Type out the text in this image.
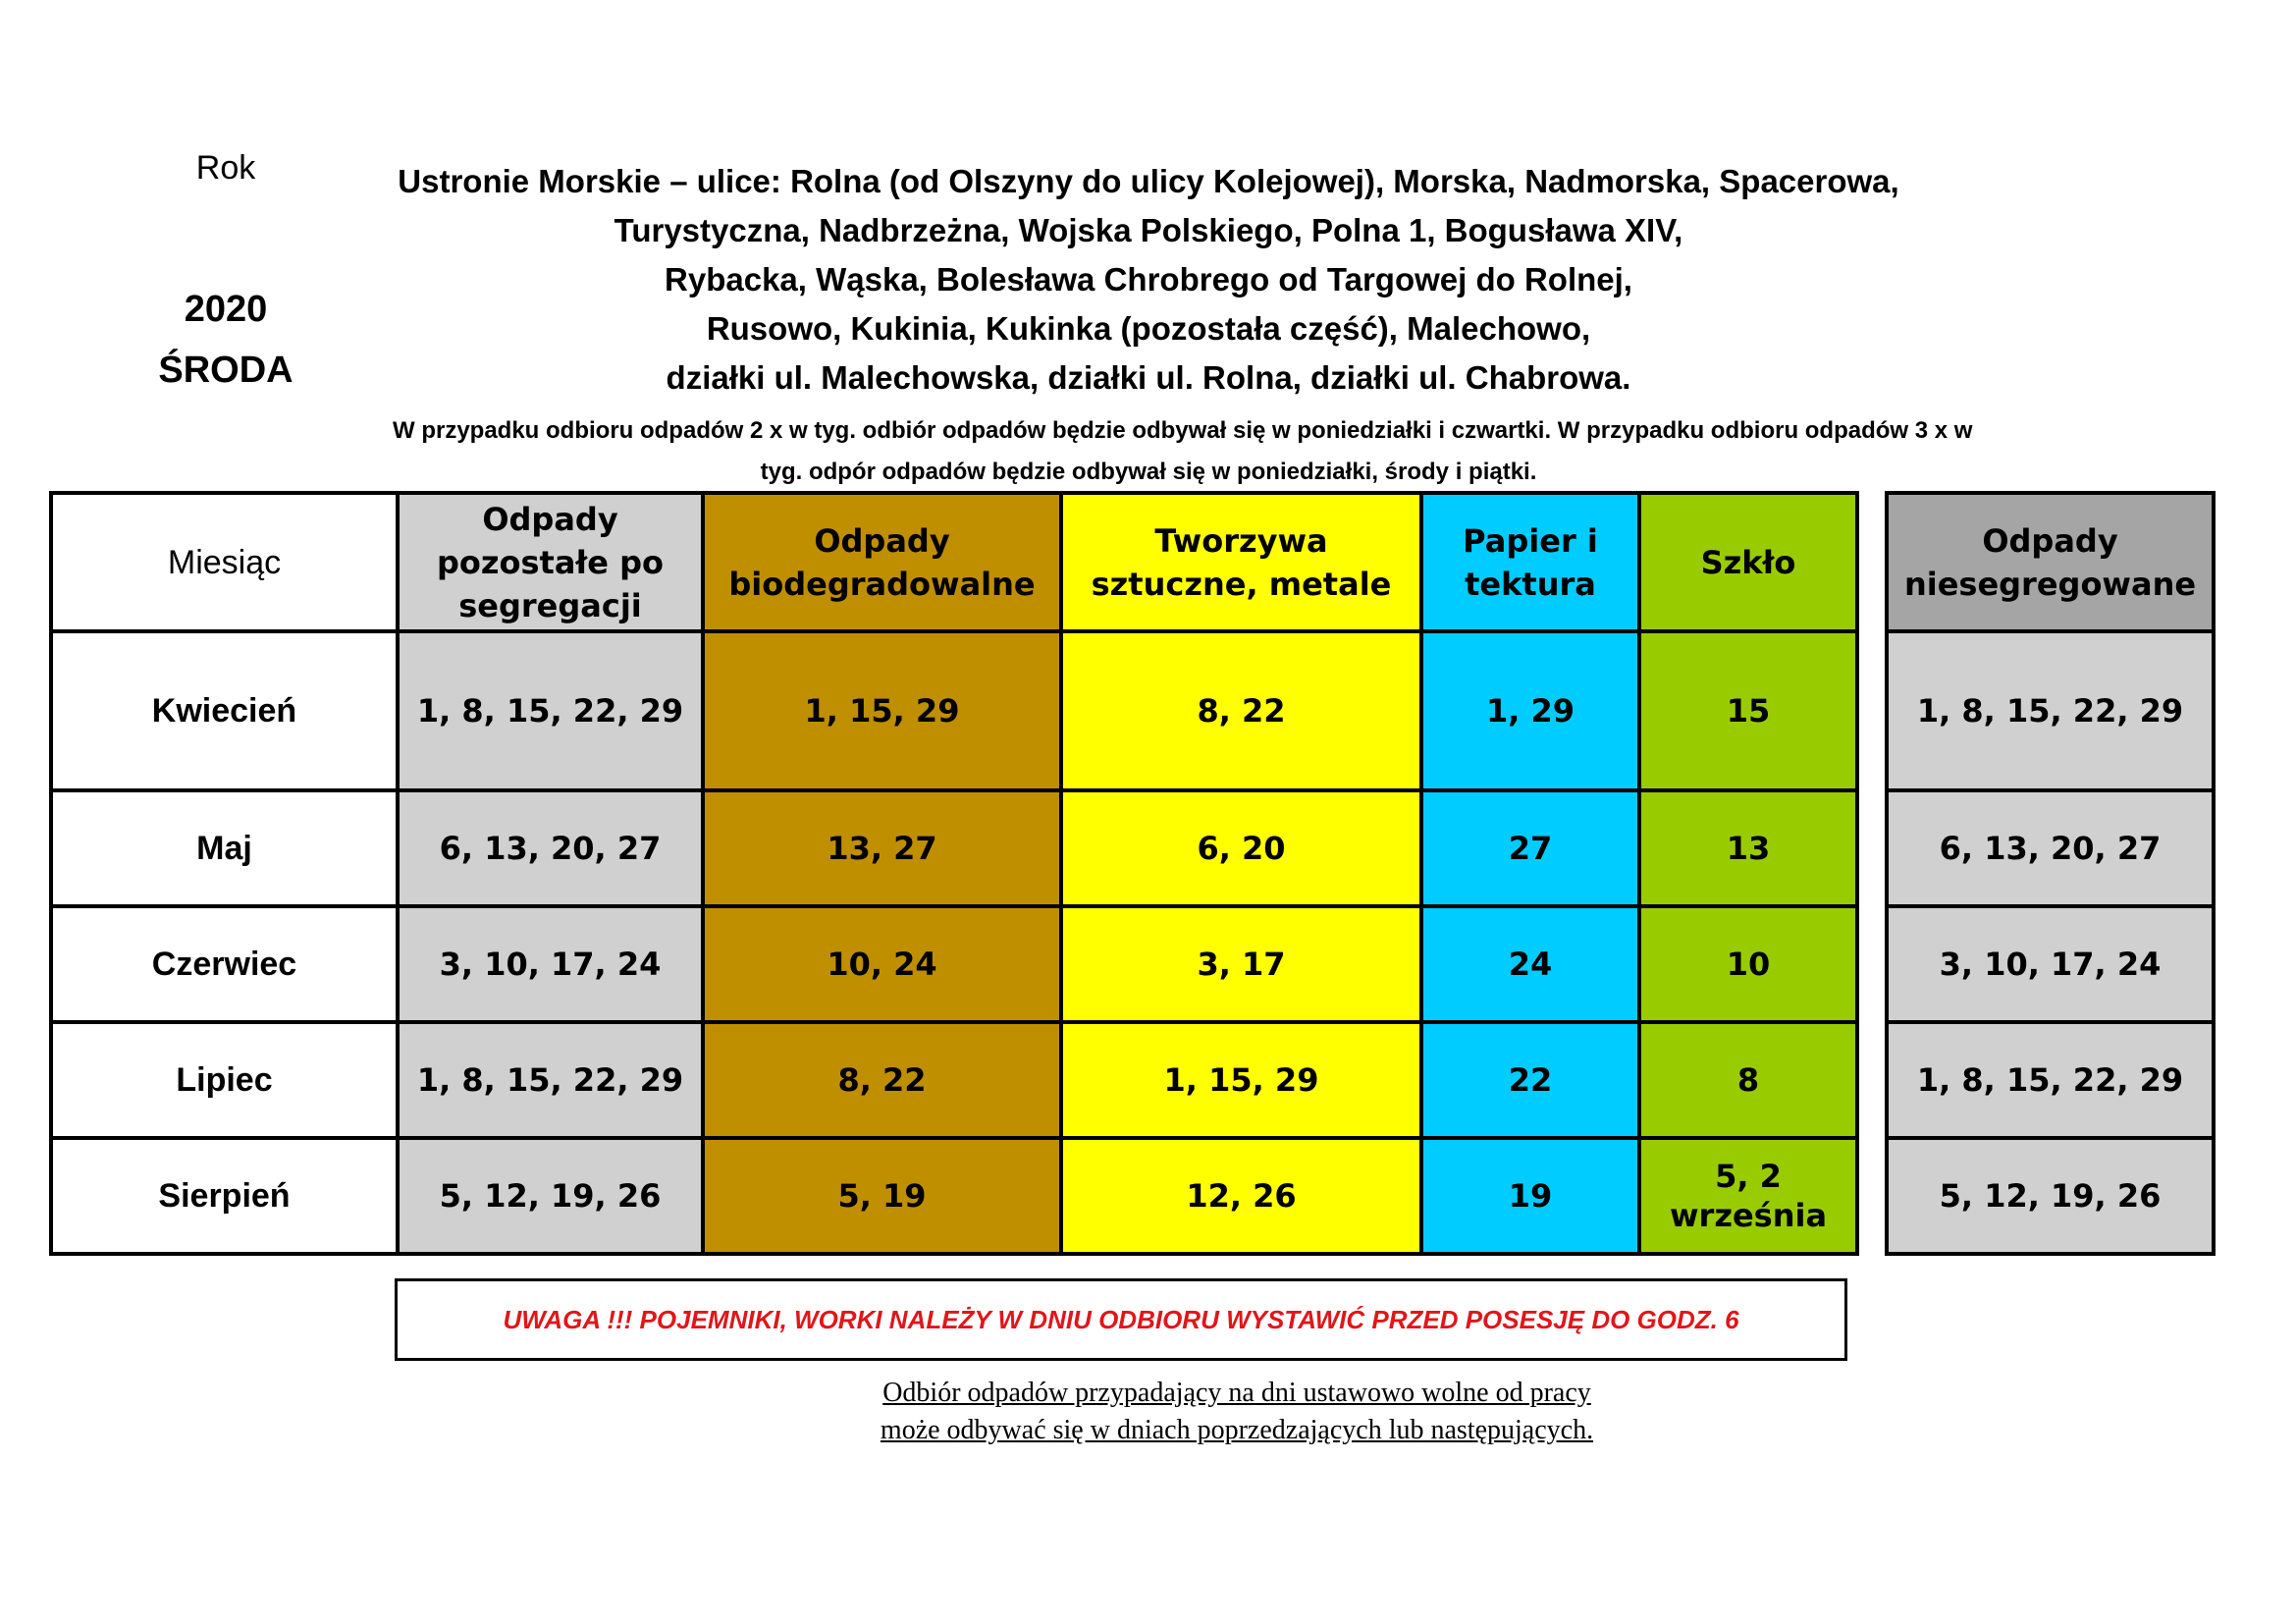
Rok
2020
ŚRODA
Ustronie Morskie – ulice: Rolna (od Olszyny do ulicy Kolejowej), Morska, Nadmorska, Spacerowa,
Turystyczna, Nadbrzeżna, Wojska Polskiego, Polna 1, Bogusława XIV,
Rybacka, Wąska, Bolesława Chrobrego od Targowej do Rolnej,
Rusowo, Kukinia, Kukinka (pozostała część), Malechowo,
działki ul. Malechowska, działki ul. Rolna, działki ul. Chabrowa.
W przypadku odbioru odpadów 2 x w tyg. odbiór odpadów będzie odbywał się w poniedziałki i czwartki. W przypadku odbioru odpadów 3 x w
tyg. odpór odpadów będzie odbywał się w poniedziałki, środy i piątki.
Miesiąc	Odpady pozostałe po segregacji	Odpady biodegradowalne	Tworzywa sztuczne, metale	Papier i tektura	Szkło		Odpady niesegregowane
Kwiecień	1, 8, 15, 22, 29	1, 15, 29	8, 22	1, 29	15		1, 8, 15, 22, 29
Maj	6, 13, 20, 27	13, 27	6, 20	27	13		6, 13, 20, 27
Czerwiec	3, 10, 17, 24	10, 24	3, 17	24	10		3, 10, 17, 24
Lipiec	1, 8, 15, 22, 29	8, 22	1, 15, 29	22	8		1, 8, 15, 22, 29
Sierpień	5, 12, 19, 26	5, 19	12, 26	19	5, 2 września		5, 12, 19, 26
UWAGA !!! POJEMNIKI, WORKI NALEŻY W DNIU ODBIORU WYSTAWIĆ PRZED POSESJĘ DO GODZ. 6
Odbiór odpadów przypadający na dni ustawowo wolne od pracy
może odbywać się w dniach poprzedzających lub następujących.
